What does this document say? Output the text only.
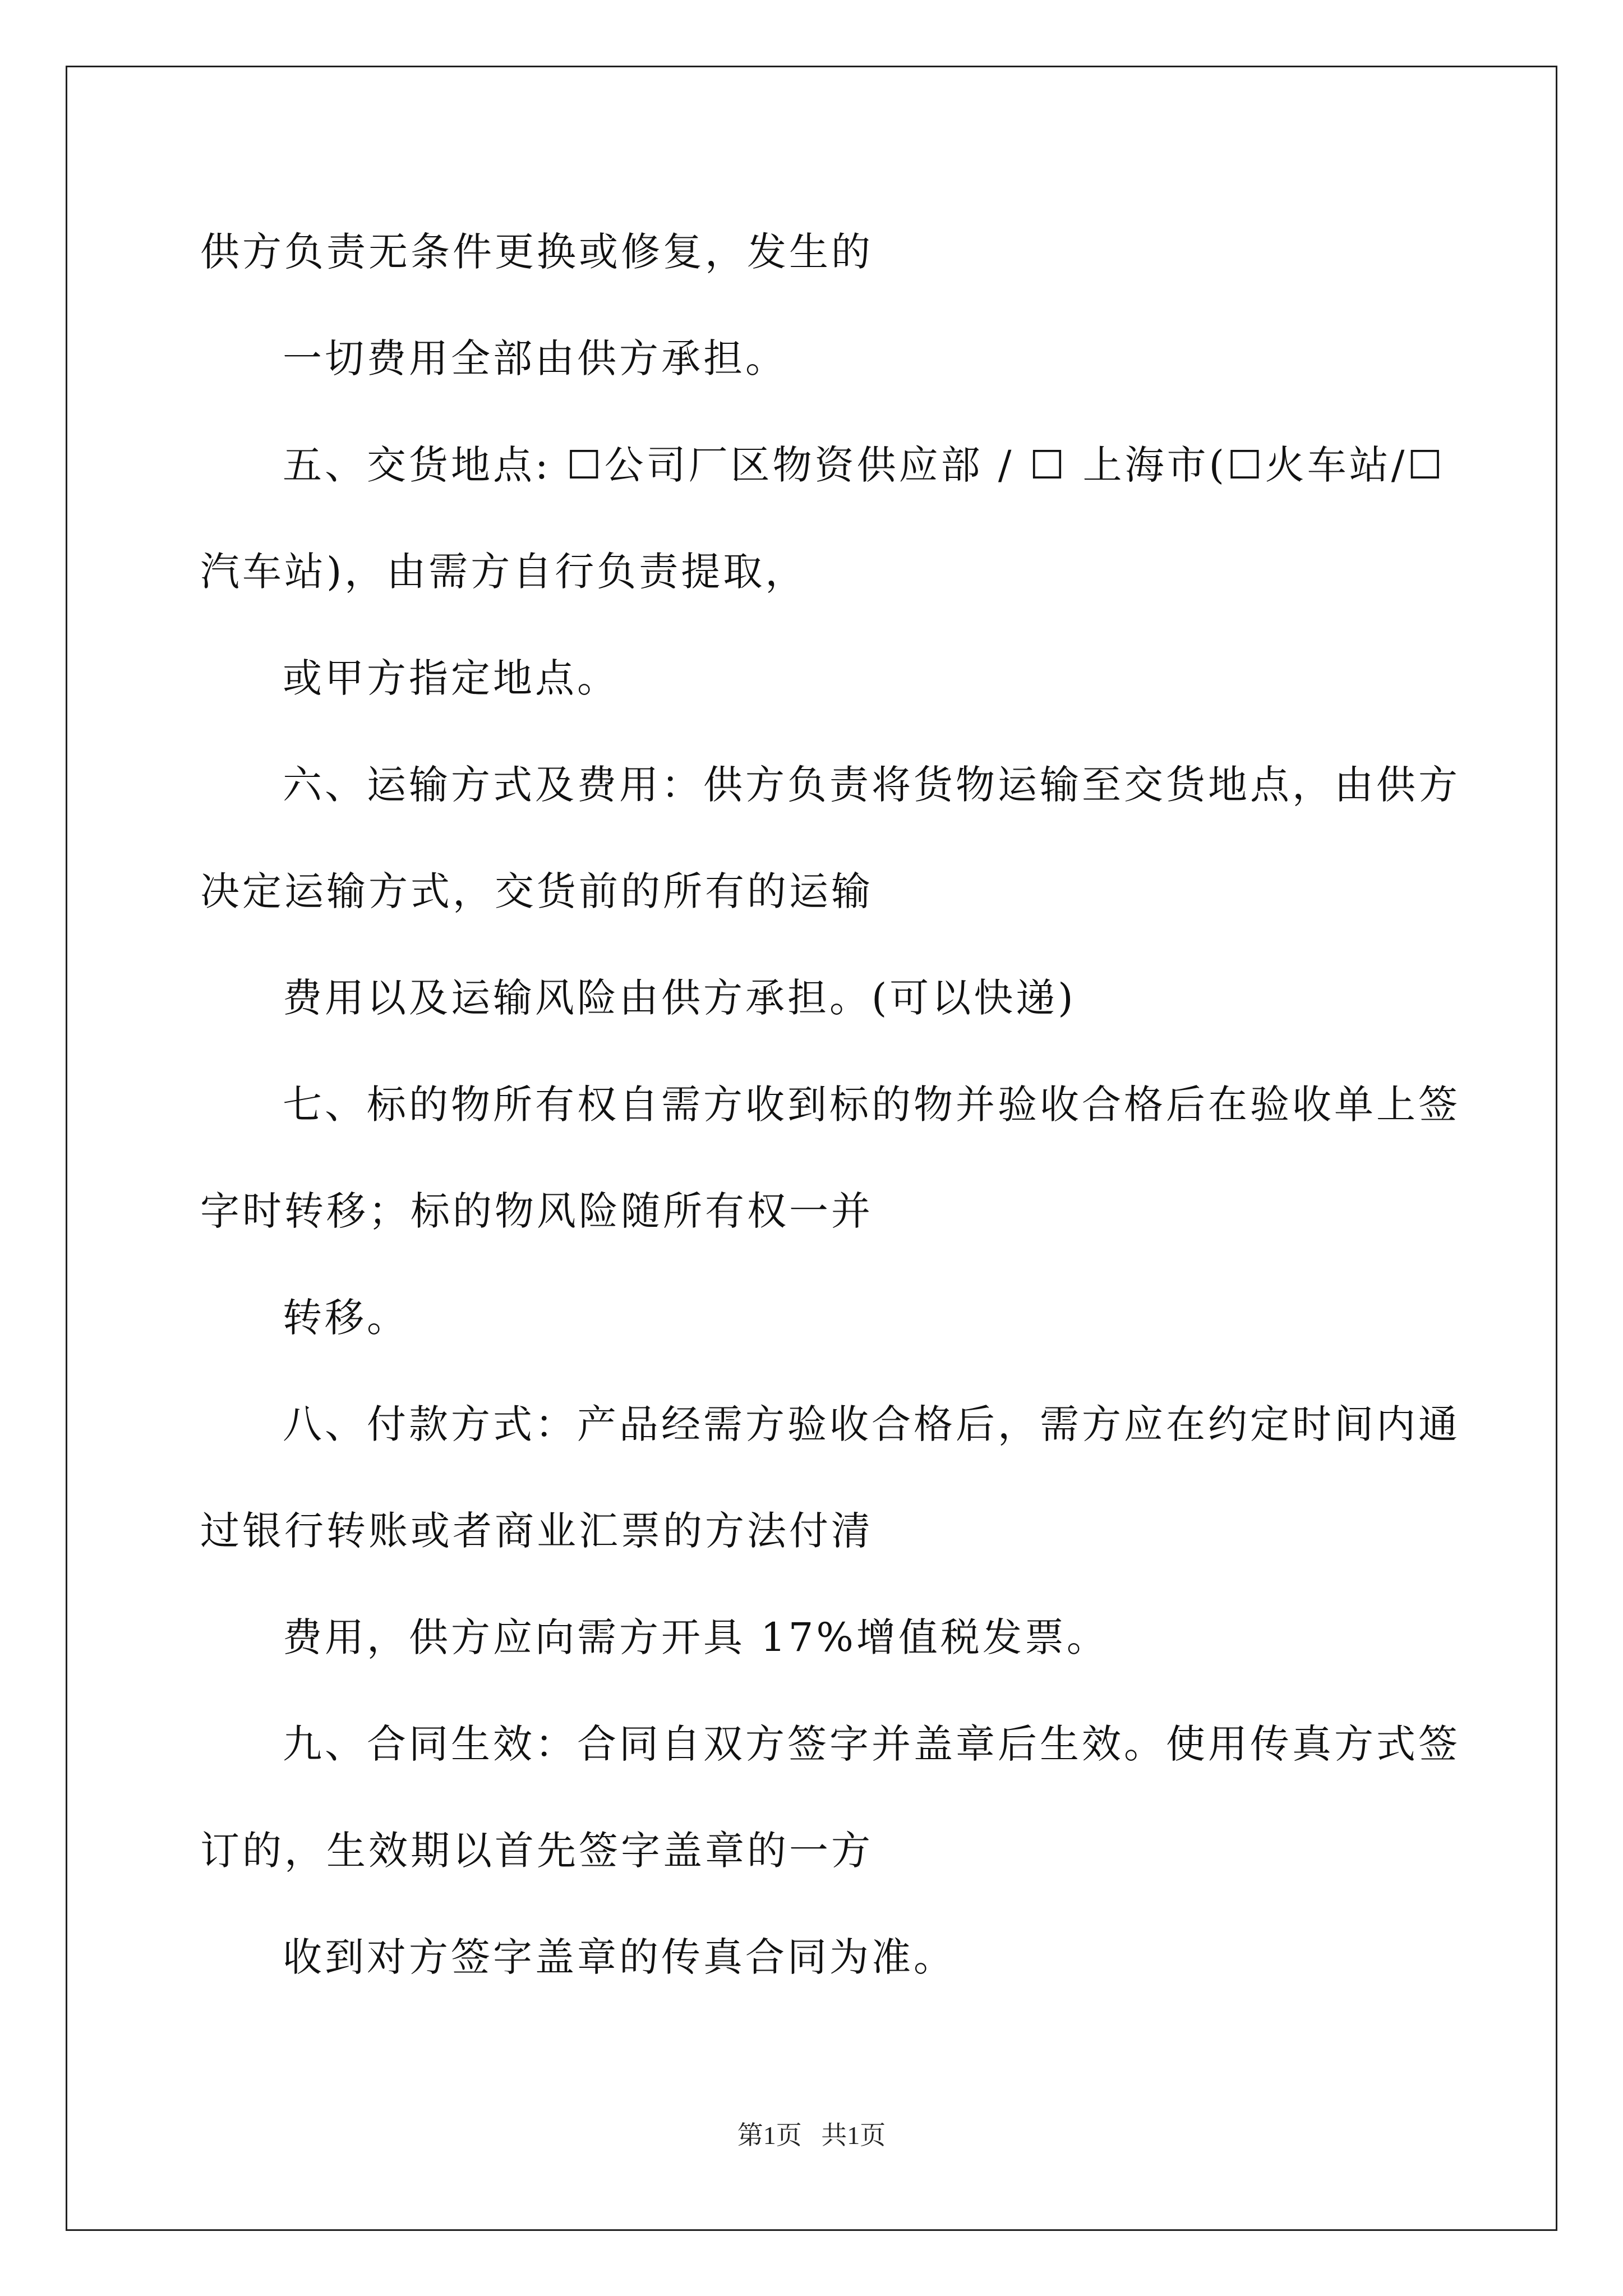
供方负责无条件更换或修复，发生的
一切费用全部由供方承担。
五、交货地点: ☐公司厂区物资供应部 / ☐ 上海市(☐火车站/☐
汽车站)，由需方自行负责提取，
或甲方指定地点。
六、运输方式及费用：供方负责将货物运输至交货地点，由供方
决定运输方式，交货前的所有的运输
费用以及运输风险由供方承担。(可以快递)
七、标的物所有权自需方收到标的物并验收合格后在验收单上签
字时转移；标的物风险随所有权一并
转移。
八、付款方式：产品经需方验收合格后，需方应在约定时间内通
过银行转账或者商业汇票的方法付清
费用，供方应向需方开具 17%增值税发票。
九、合同生效：合同自双方签字并盖章后生效。使用传真方式签
订的，生效期以首先签字盖章的一方
收到对方签字盖章的传真合同为准。
第1页   共1页
